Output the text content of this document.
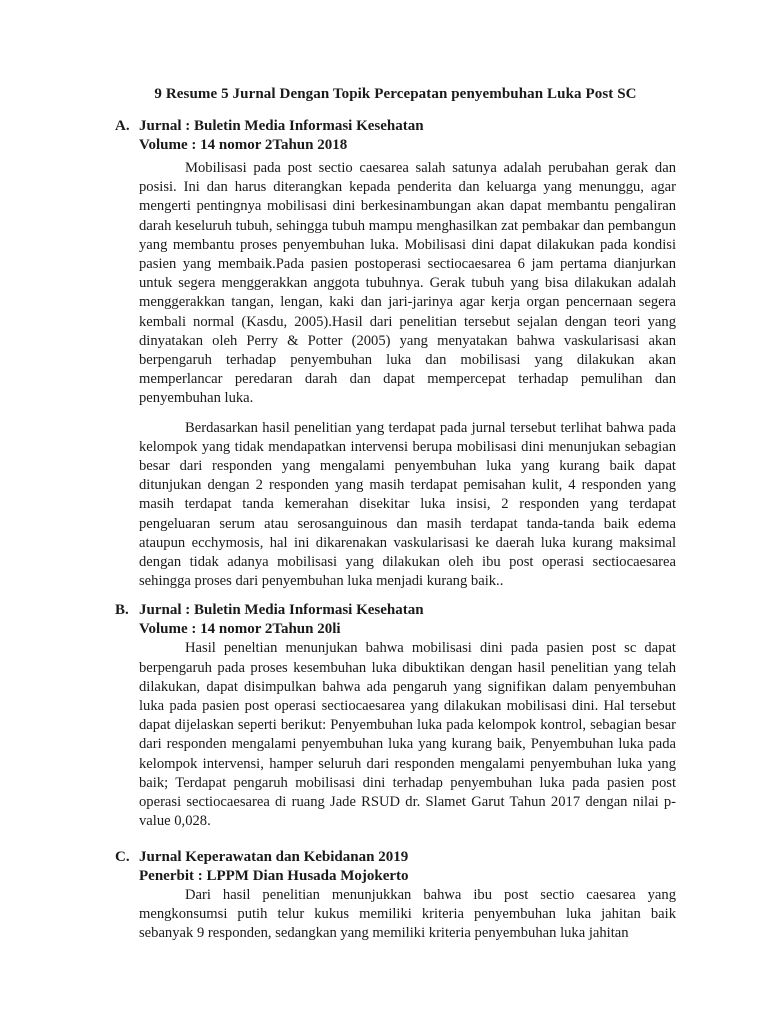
9 Resume 5 Jurnal Dengan Topik Percepatan penyembuhan Luka Post SC
A. Jurnal : Buletin Media Informasi Kesehatan
Volume : 14 nomor 2Tahun 2018

Mobilisasi pada post sectio caesarea salah satunya adalah perubahan gerak dan posisi. Ini dan harus diterangkan kepada penderita dan keluarga yang menunggu, agar mengerti pentingnya mobilisasi dini berkesinambungan akan dapat membantu pengaliran darah keseluruh tubuh, sehingga tubuh mampu menghasilkan zat pembakar dan pembangun yang membantu proses penyembuhan luka. Mobilisasi dini dapat dilakukan pada kondisi pasien yang membaik.Pada pasien postoperasi sectiocaesarea 6 jam pertama dianjurkan untuk segera menggerakkan anggota tubuhnya. Gerak tubuh yang bisa dilakukan adalah menggerakkan tangan, lengan, kaki dan jari-jarinya agar kerja organ pencernaan segera kembali normal (Kasdu, 2005).Hasil dari penelitian tersebut sejalan dengan teori yang dinyatakan oleh Perry & Potter (2005) yang menyatakan bahwa vaskularisasi akan berpengaruh terhadap penyembuhan luka dan mobilisasi yang dilakukan akan memperlancar peredaran darah dan dapat mempercepat terhadap pemulihan dan penyembuhan luka.

Berdasarkan hasil penelitian yang terdapat pada jurnal tersebut terlihat bahwa pada kelompok yang tidak mendapatkan intervensi berupa mobilisasi dini menunjukan sebagian besar dari responden yang mengalami penyembuhan luka yang kurang baik dapat ditunjukan dengan 2 responden yang masih terdapat pemisahan kulit, 4 responden yang masih terdapat tanda kemerahan disekitar luka insisi, 2 responden yang terdapat pengeluaran serum atau serosanguinous dan masih terdapat tanda-tanda baik edema ataupun ecchymosis, hal ini dikarenakan vaskularisasi ke daerah luka kurang maksimal dengan tidak adanya mobilisasi yang dilakukan oleh ibu post operasi sectiocaesarea sehingga proses dari penyembuhan luka menjadi kurang baik..

B. Jurnal : Buletin Media Informasi Kesehatan
Volume : 14 nomor 2Tahun 20li

Hasil peneltian menunjukan bahwa mobilisasi dini pada pasien post sc dapat berpengaruh pada proses kesembuhan luka dibuktikan dengan hasil penelitian yang telah dilakukan, dapat disimpulkan bahwa ada pengaruh yang signifikan dalam penyembuhan luka pada pasien post operasi sectiocaesarea yang dilakukan mobilisasi dini. Hal tersebut dapat dijelaskan seperti berikut: Penyembuhan luka pada kelompok kontrol, sebagian besar dari responden mengalami penyembuhan luka yang kurang baik, Penyembuhan luka pada kelompok intervensi, hamper seluruh dari responden mengalami penyembuhan luka yang baik; Terdapat pengaruh mobilisasi dini terhadap penyembuhan luka pada pasien post operasi sectiocaesarea di ruang Jade RSUD dr. Slamet Garut Tahun 2017 dengan nilai p-value 0,028.

C. Jurnal Keperawatan dan Kebidanan 2019
Penerbit : LPPM Dian Husada Mojokerto

Dari hasil penelitian menunjukkan bahwa ibu post sectio caesarea yang mengkonsumsi putih telur kukus memiliki kriteria penyembuhan luka jahitan baik sebanyak 9 responden, sedangkan yang memiliki kriteria penyembuhan luka jahitan
